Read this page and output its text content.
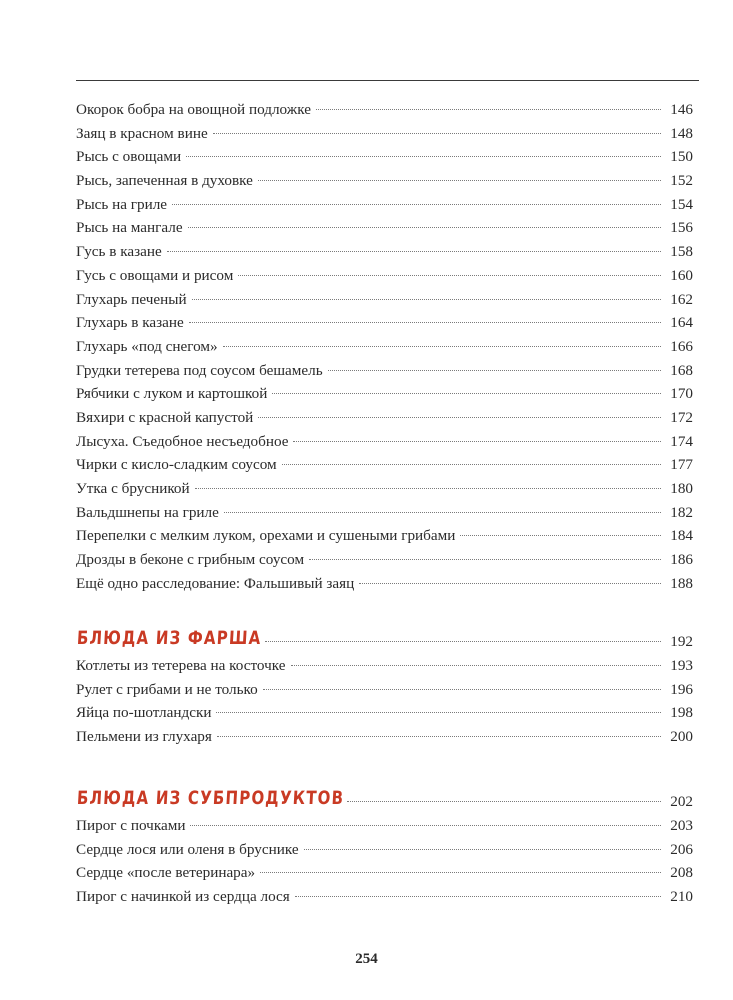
Окорок бобра на овощной подложке	146
Заяц в красном вине	148
Рысь с овощами	150
Рысь, запеченная в духовке	152
Рысь на гриле	154
Рысь на мангале	156
Гусь в казане	158
Гусь с овощами и рисом	160
Глухарь печеный	162
Глухарь в казане	164
Глухарь «под снегом»	166
Грудки тетерева под соусом бешамель	168
Рябчики с луком и картошкой	170
Вяхири с красной капустой	172
Лысуха. Съедобное несъедобное	174
Чирки с кисло-сладким соусом	177
Утка с брусникой	180
Вальдшнепы на гриле	182
Перепелки с мелким луком, орехами и сушеными грибами	184
Дрозды в беконе с грибным соусом	186
Ещё одно расследование: Фальшивый заяц	188
БЛЮДА ИЗ ФАРША	192
Котлеты из тетерева на косточке	193
Рулет с грибами и не только	196
Яйца по-шотландски	198
Пельмени из глухаря	200
БЛЮДА ИЗ СУБПРОДУКТОВ	202
Пирог с почками	203
Сердце лося или оленя в бруснике	206
Сердце «после ветеринара»	208
Пирог с начинкой из сердца лося	210
254
